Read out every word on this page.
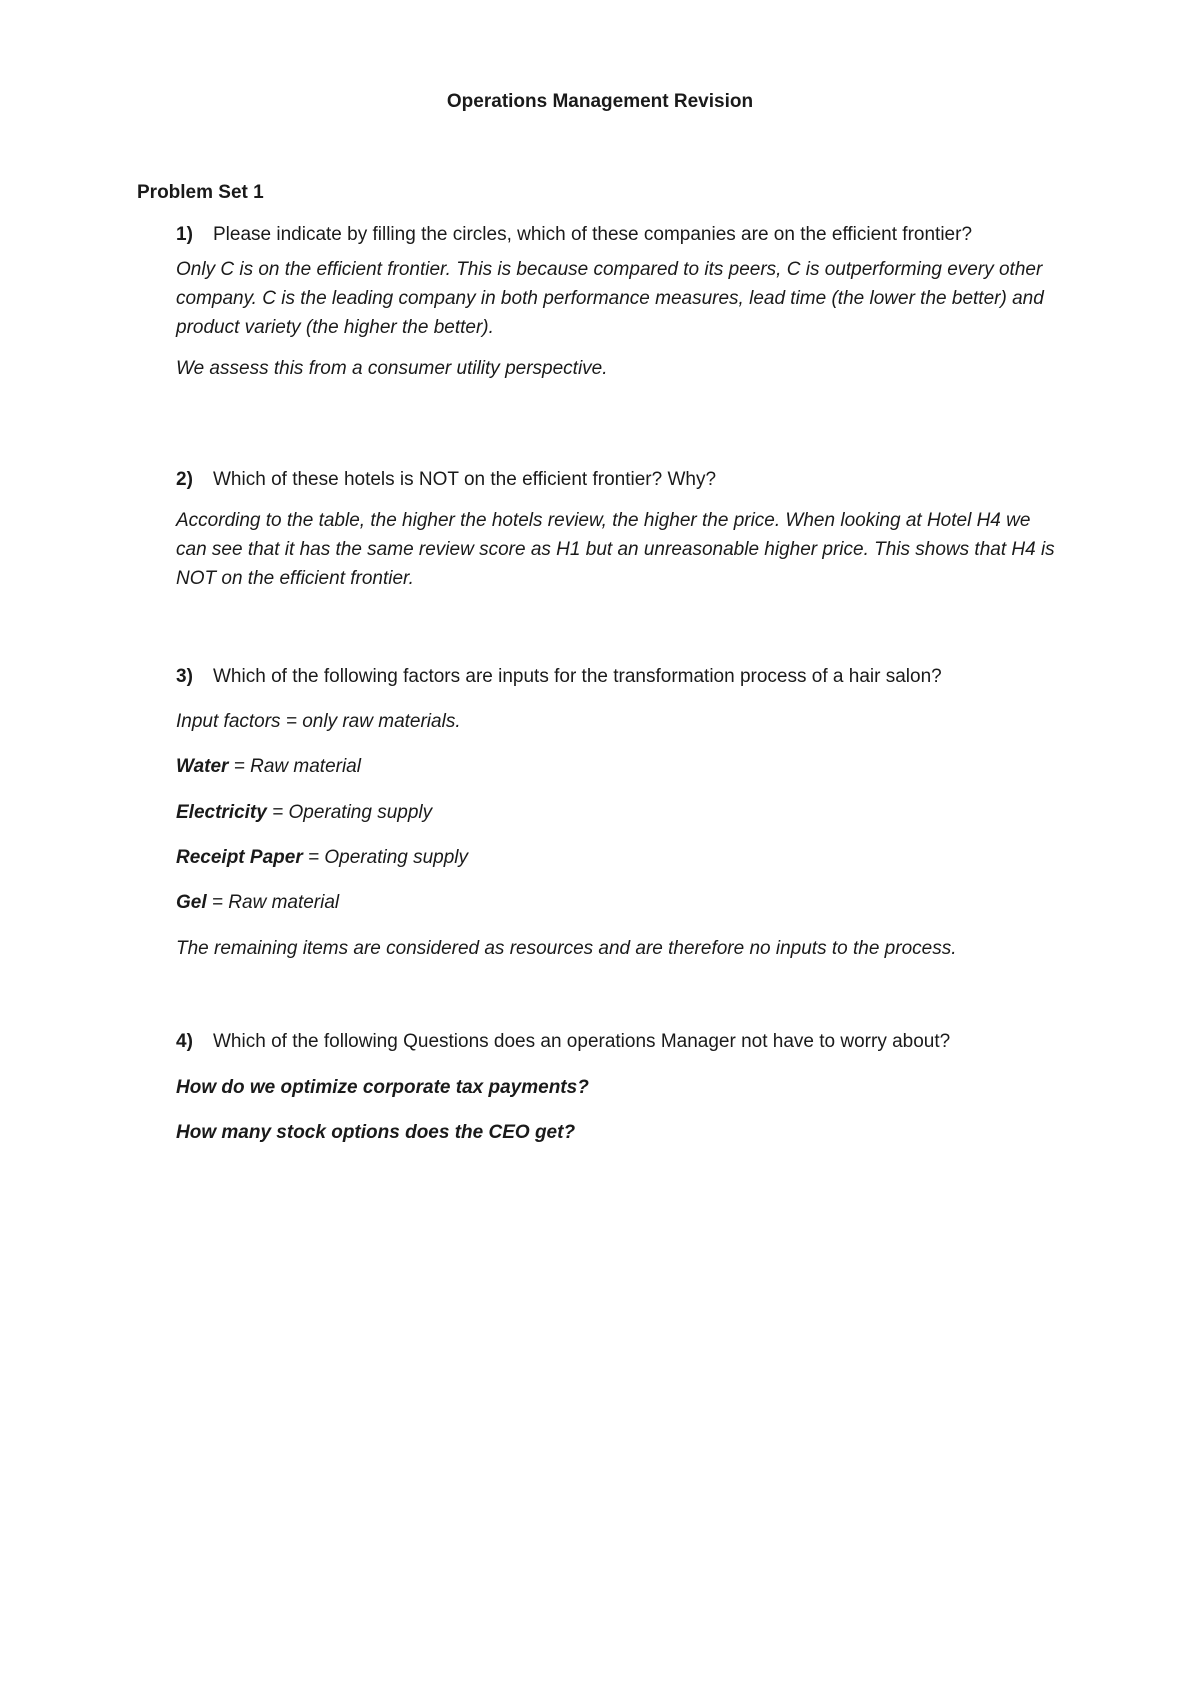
Operations Management Revision
Problem Set 1
1) Please indicate by filling the circles, which of these companies are on the efficient frontier?
Only C is on the efficient frontier. This is because compared to its peers, C is outperforming every other company. C is the leading company in both performance measures, lead time (the lower the better) and product variety (the higher the better).
We assess this from a consumer utility perspective.
2) Which of these hotels is NOT on the efficient frontier? Why?
According to the table, the higher the hotels review, the higher the price. When looking at Hotel H4 we can see that it has the same review score as H1 but an unreasonable higher price. This shows that H4 is NOT on the efficient frontier.
3) Which of the following factors are inputs for the transformation process of a hair salon?
Input factors = only raw materials.
Water = Raw material
Electricity = Operating supply
Receipt Paper = Operating supply
Gel = Raw material
The remaining items are considered as resources and are therefore no inputs to the process.
4) Which of the following Questions does an operations Manager not have to worry about?
How do we optimize corporate tax payments?
How many stock options does the CEO get?
